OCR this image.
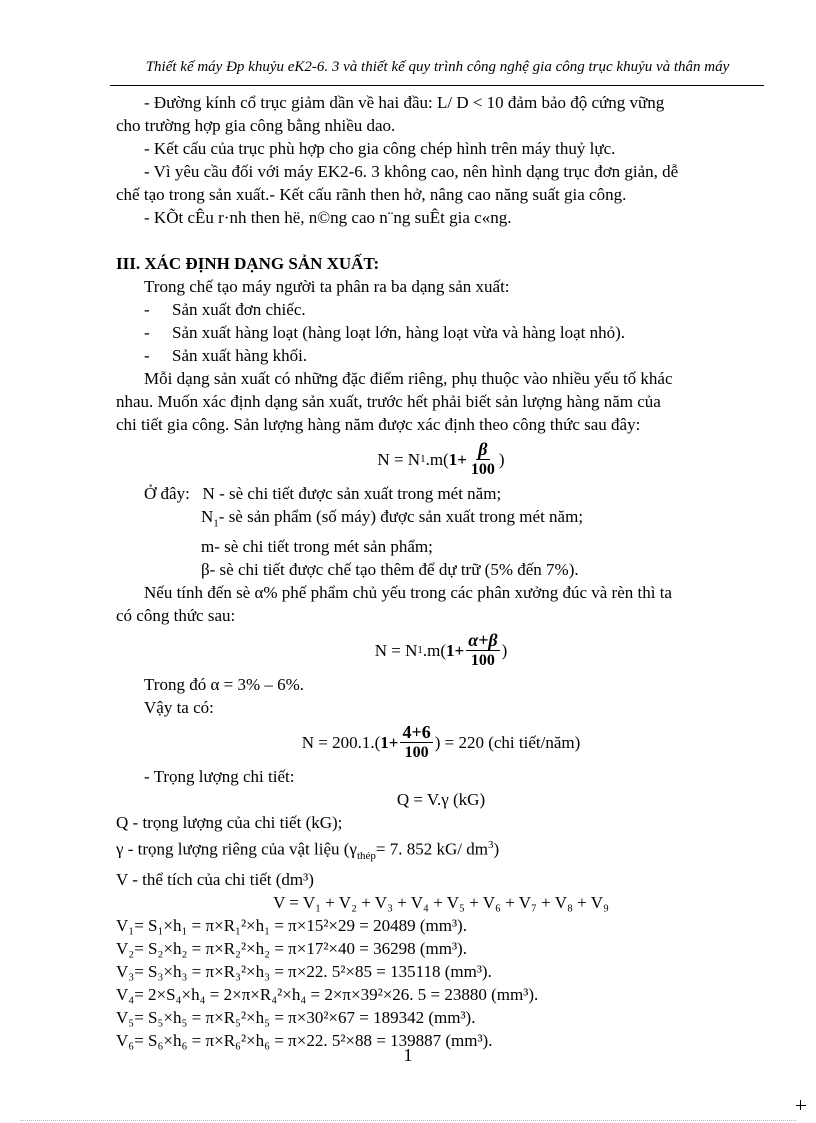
Thiết kế máy Đp khuỷu eK2-6. 3 và thiết kế quy trình công nghệ gia công trục khuỷu và thân máy

- Đường kính cổ trục giảm dần về hai đầu: L/ D < 10 đảm bảo độ cứng vững

cho trường hợp gia công bằng nhiều dao.

- Kết cấu của trục phù hợp cho gia công chép hình trên máy thuỷ lực.

- Vì yêu cầu đối với máy EK2-6. 3 không cao, nên hình dạng trục đơn giản, dễ

chế tạo trong sản xuất.- Kết cấu rãnh then hở, nâng cao năng suất gia công.

- KÕt cÊu r·nh then hë, n©ng cao n¨ng suÊt gia c«ng.

III. XÁC ĐỊNH DẠNG SẢN XUẤT:

Trong chế tạo máy người ta phân ra ba dạng sản xuất:

- Sản xuất đơn chiếc.

- Sản xuất hàng loạt (hàng loạt lớn, hàng loạt vừa và hàng loạt nhỏ).

- Sản xuất hàng khối.

Mỗi dạng sản xuất có những đặc điểm riêng, phụ thuộc vào nhiều yếu tố khác

nhau. Muốn xác định dạng sản xuất, trước hết phải biết sản lượng hàng năm của

chi tiết gia công. Sản lượng hàng năm được xác định theo công thức sau đây:

N = N 1 .m( $1+ \frac{\beta}{100}$ )

Ở đây: N - sè chi tiết được sản xuất trong mét năm;

$N_1-$ sè sản phẩm (số máy) được sản xuất trong mét năm;

m- sè chi tiết trong mét sản phẩm;

β- sè chi tiết được chế tạo thêm để dự trữ (5% đến 7%).

Nếu tính đến sè α% phế phẩm chủ yếu trong các phân xưởng đúc và rèn thì ta

có công thức sau:

N = N 1 .m( $1+ \frac{\alpha+\beta}{100}$ )

Trong đó α = 3% – 6%.

Vậy ta có:

N = 200.1.( $1+ \frac{4+6}{100}$ )
= 220 (chi tiết/năm)

- Trọng lượng chi tiết:

Q = V.γ (kG)

Q - trọng lượng của chi tiết (kG);

γ - trọng lượng riêng của vật liệu ($\gamma_{thép}= 7$. 852 kG/ $dm^3$)

V - thể tích của chi tiết (dm³)

V = V₁ + V₂ + V₃ + V₄ + V₅ + V₆ + V₇ + V₈ + V₉

V₁= S₁×h₁ = π×R₁²×h₁ = π×15²×29 = 20489 (mm³).

V₂= S₂×h₂ = π×R₂²×h₂ = π×17²×40 = 36298 (mm³).

V₃= S₃×h₃ = π×R₃²×h₃ = π×22. 5²×85 = 135118 (mm³).

V₄= 2×S₄×h₄ = 2×π×R₄²×h₄ = 2×π×39²×26. 5 = 23880 (mm³).

V₅= S₅×h₅ = π×R₅²×h₅ = π×30²×67 = 189342 (mm³).

V₆= S₆×h₆ = π×R₆²×h₆ = π×22. 5²×88 = 139887 (mm³).

1
